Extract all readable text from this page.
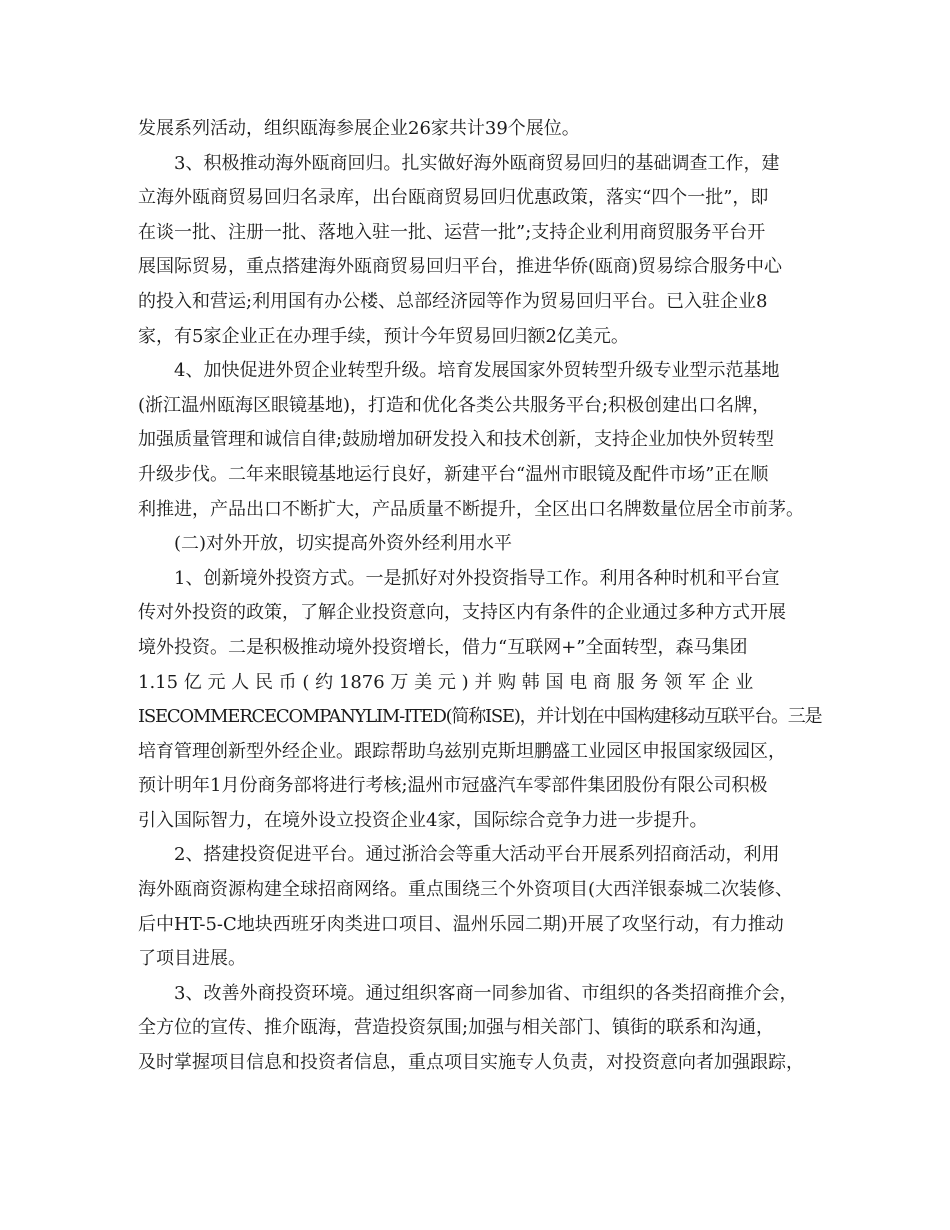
发展系列活动，组织瓯海参展企业26家共计39个展位。
3、积极推动海外瓯商回归。扎实做好海外瓯商贸易回归的基础调查工作，建
立海外瓯商贸易回归名录库，出台瓯商贸易回归优惠政策，落实“四个一批”，即
在谈一批、注册一批、落地入驻一批、运营一批”;支持企业利用商贸服务平台开
展国际贸易，重点搭建海外瓯商贸易回归平台，推进华侨(瓯商)贸易综合服务中心
的投入和营运;利用国有办公楼、总部经济园等作为贸易回归平台。已入驻企业8
家，有5家企业正在办理手续，预计今年贸易回归额2亿美元。
4、加快促进外贸企业转型升级。培育发展国家外贸转型升级专业型示范基地
(浙江温州瓯海区眼镜基地)，打造和优化各类公共服务平台;积极创建出口名牌，
加强质量管理和诚信自律;鼓励增加研发投入和技术创新，支持企业加快外贸转型
升级步伐。二年来眼镜基地运行良好，新建平台“温州市眼镜及配件市场”正在顺
利推进，产品出口不断扩大，产品质量不断提升，全区出口名牌数量位居全市前茅。
(二)对外开放，切实提高外资外经利用水平
1、创新境外投资方式。一是抓好对外投资指导工作。利用各种时机和平台宣
传对外投资的政策，了解企业投资意向，支持区内有条件的企业通过多种方式开展
境外投资。二是积极推动境外投资增长，借力“互联网+”全面转型，森马集团
1.15 亿 元 人 民 币 ( 约 1876 万 美 元 ) 并 购 韩 国 电 商 服 务 领 军 企 业
ISECOMMERCECOMPANYLIM-ITED(简称ISE)，并计划在中国构建移动互联平台。三是
培育管理创新型外经企业。跟踪帮助乌兹别克斯坦鹏盛工业园区申报国家级园区，
预计明年1月份商务部将进行考核;温州市冠盛汽车零部件集团股份有限公司积极
引入国际智力，在境外设立投资企业4家，国际综合竞争力进一步提升。
2、搭建投资促进平台。通过浙洽会等重大活动平台开展系列招商活动，利用
海外瓯商资源构建全球招商网络。重点围绕三个外资项目(大西洋银泰城二次装修、
后中HT-5-C地块西班牙肉类进口项目、温州乐园二期)开展了攻坚行动，有力推动
了项目进展。
3、改善外商投资环境。通过组织客商一同参加省、市组织的各类招商推介会，
全方位的宣传、推介瓯海，营造投资氛围;加强与相关部门、镇街的联系和沟通，
及时掌握项目信息和投资者信息，重点项目实施专人负责，对投资意向者加强跟踪，
